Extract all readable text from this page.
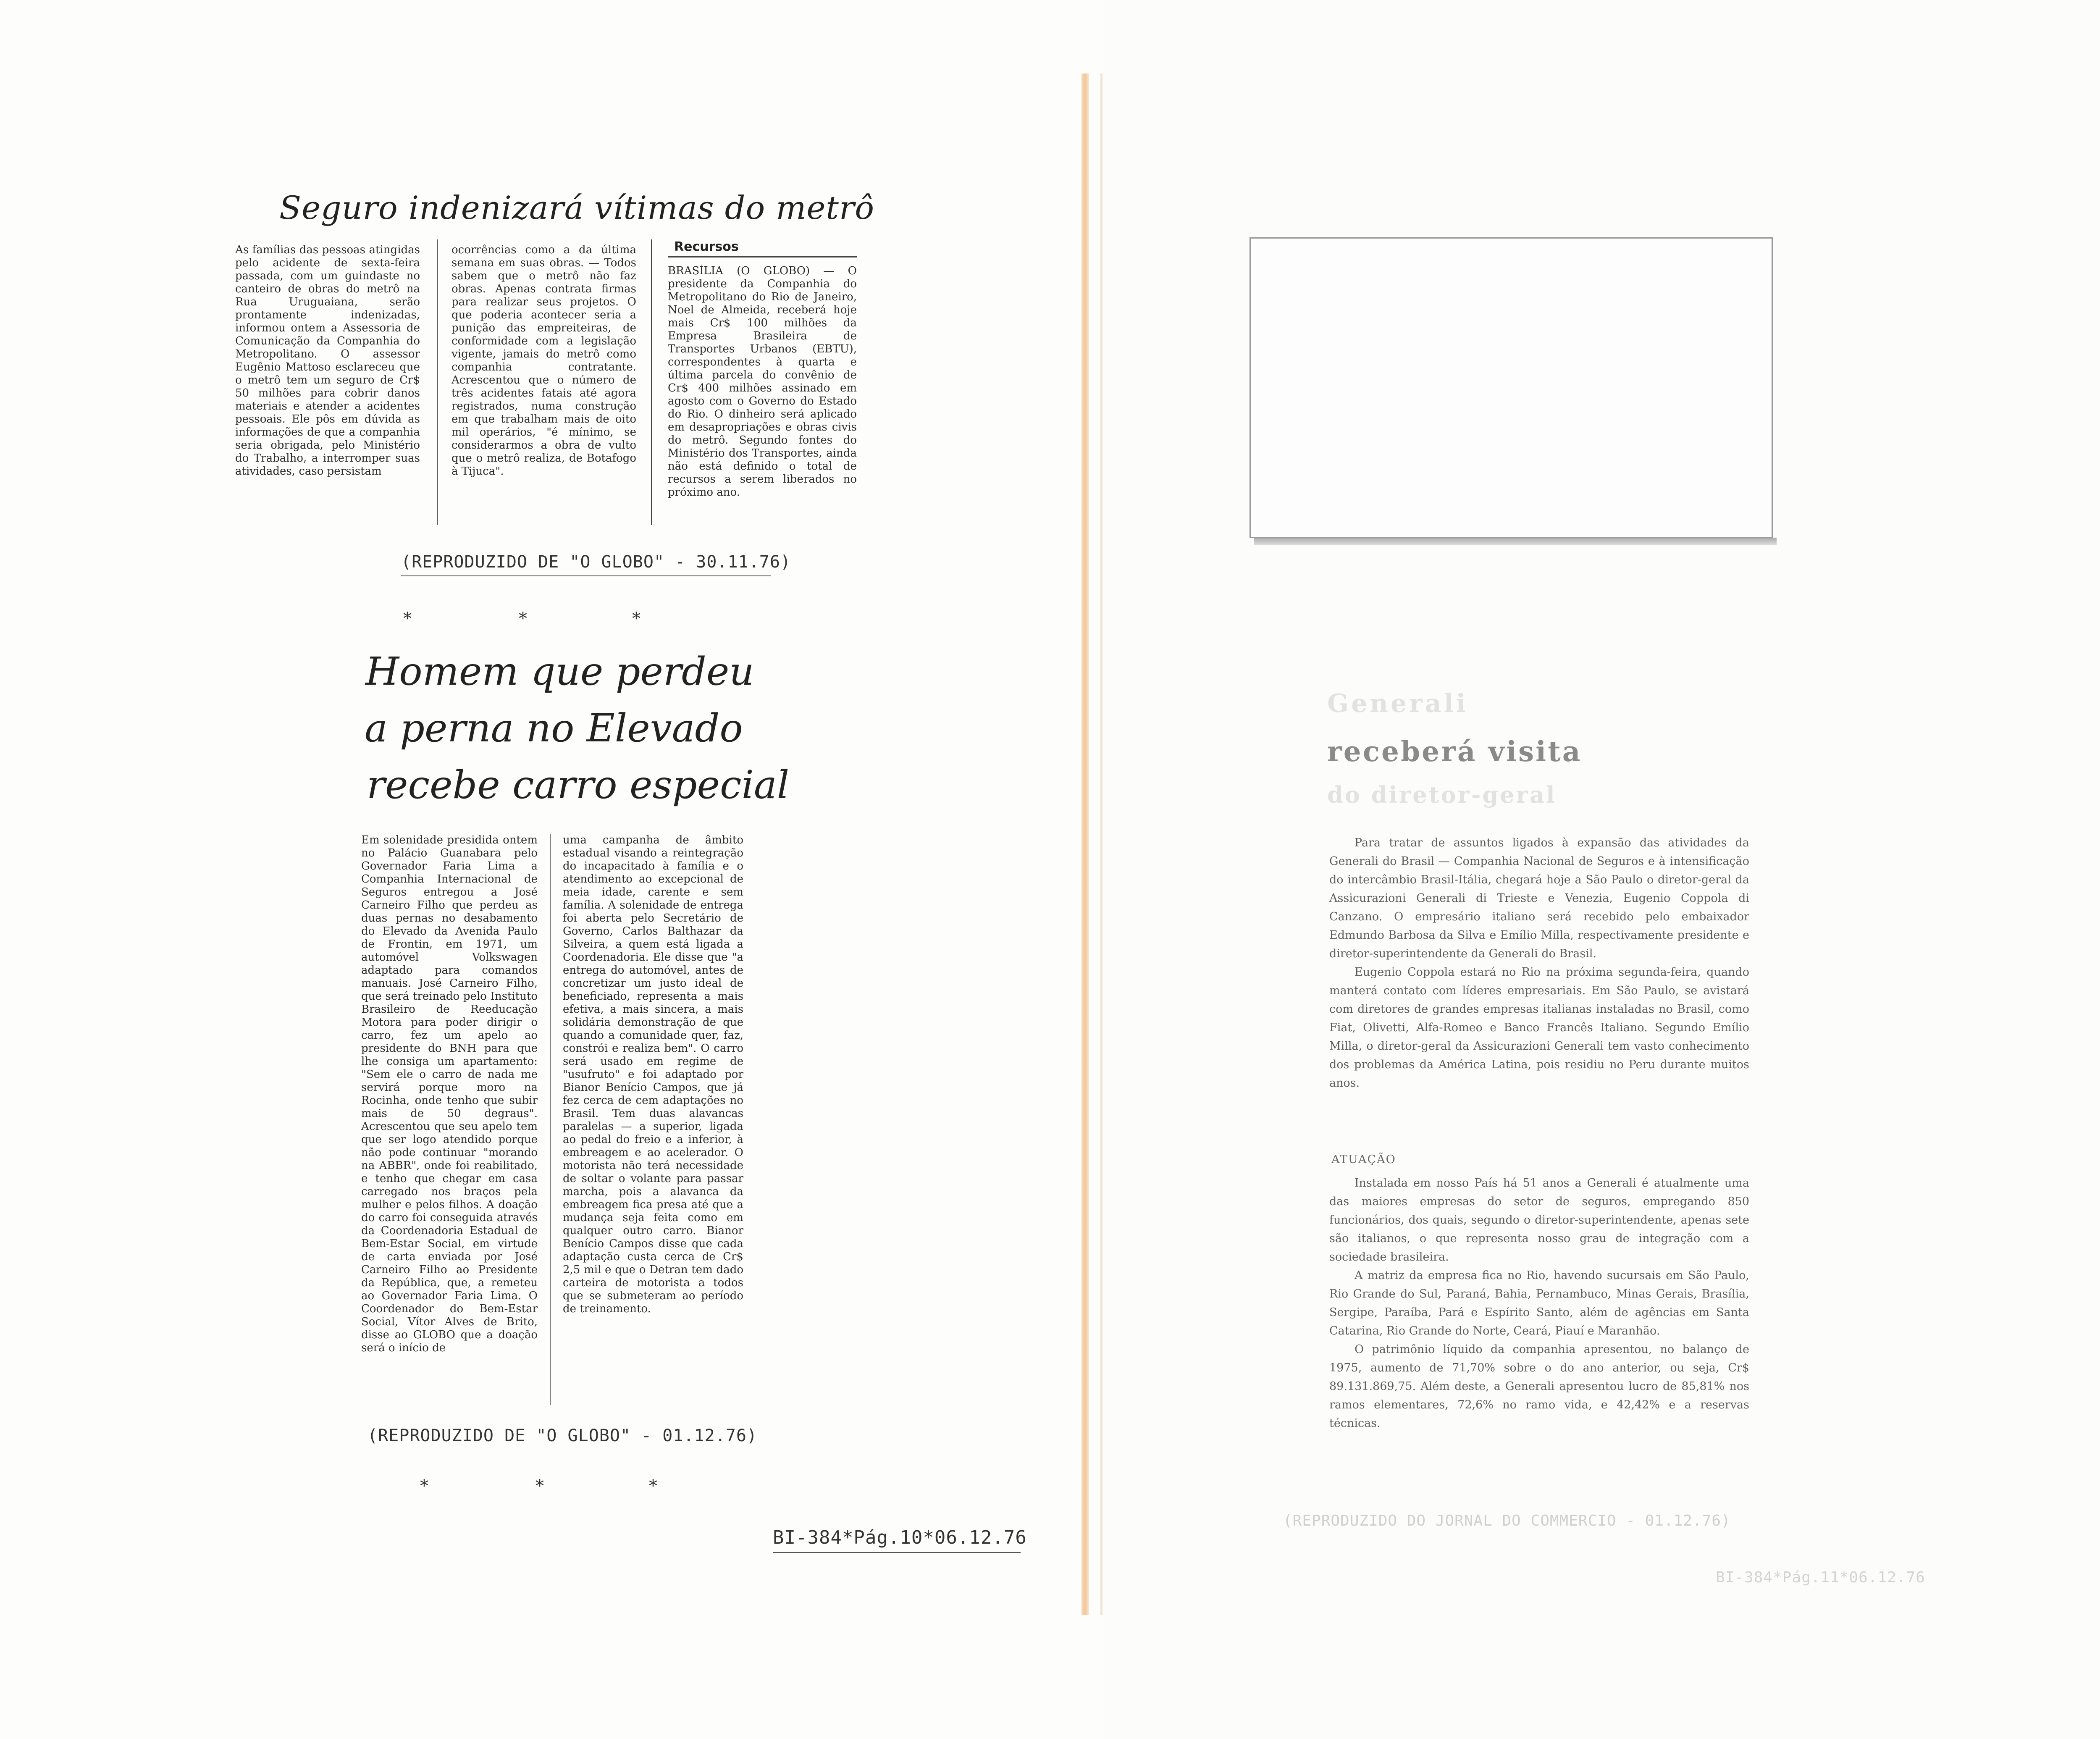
Seguro indenizará vítimas do metrô

As famílias das pessoas atingidas pelo acidente de sexta-feira passada, com um guindaste no canteiro de obras do metrô na Rua Uruguaiana, serão prontamente indenizadas, informou ontem a Assessoria de Comunicação da Companhia do Metropolitano. O assessor Eugênio Mattoso esclareceu que o metrô tem um seguro de Cr$ 50 milhões para cobrir danos materiais e atender a acidentes pessoais. Ele pôs em dúvida as informações de que a companhia seria obrigada, pelo Ministério do Trabalho, a interromper suas atividades, caso persistam

ocorrências como a da última semana em suas obras. — Todos sabem que o metrô não faz obras. Apenas contrata firmas para realizar seus projetos. O que poderia acontecer seria a punição das empreiteiras, de conformidade com a legislação vigente, jamais do metrô como companhia contratante. Acrescentou que o número de três acidentes fatais até agora registrados, numa construção em que trabalham mais de oito mil operários, "é mínimo, se considerarmos a obra de vulto que o metrô realiza, de Botafogo à Tijuca".

Recursos

BRASÍLIA (O GLOBO) — O presidente da Companhia do Metropolitano do Rio de Janeiro, Noel de Almeida, receberá hoje mais Cr$ 100 milhões da Empresa Brasileira de Transportes Urbanos (EBTU), correspondentes à quarta e última parcela do convênio de Cr$ 400 milhões assinado em agosto com o Governo do Estado do Rio. O dinheiro será aplicado em desapropriações e obras civis do metrô. Segundo fontes do Ministério dos Transportes, ainda não está definido o total de recursos a serem liberados no próximo ano.

(REPRODUZIDO DE "O GLOBO" - 30.11.76)
*	*	*
Homem que perdeu
a perna no Elevado
recebe carro especial

Em solenidade presidida ontem no Palácio Guanabara pelo Governador Faria Lima a Companhia Internacional de Seguros entregou a José Carneiro Filho que perdeu as duas pernas no desabamento do Elevado da Avenida Paulo de Frontin, em 1971, um automóvel Volkswagen adaptado para comandos manuais. José Carneiro Filho, que será treinado pelo Instituto Brasileiro de Reeducação Motora para poder dirigir o carro, fez um apelo ao presidente do BNH para que lhe consiga um apartamento: "Sem ele o carro de nada me servirá porque moro na Rocinha, onde tenho que subir mais de 50 degraus". Acrescentou que seu apelo tem que ser logo atendido porque não pode continuar "morando na ABBR", onde foi reabilitado, e tenho que chegar em casa carregado nos braços pela mulher e pelos filhos. A doação do carro foi conseguida através da Coordenadoria Estadual de Bem-Estar Social, em virtude de carta enviada por José Carneiro Filho ao Presidente da República, que, a remeteu ao Governador Faria Lima. O Coordenador do Bem-Estar Social, Vítor Alves de Brito, disse ao GLOBO que a doação será o início de

uma campanha de âmbito estadual visando a reintegração do incapacitado à família e o atendimento ao excepcional de meia idade, carente e sem família. A solenidade de entrega foi aberta pelo Secretário de Governo, Carlos Balthazar da Silveira, a quem está ligada a Coordenadoria. Ele disse que "a entrega do automóvel, antes de concretizar um justo ideal de beneficiado, representa a mais efetiva, a mais sincera, a mais solidária demonstração de que quando a comunidade quer, faz, constrói e realiza bem". O carro será usado em regime de "usufruto" e foi adaptado por Bianor Benício Campos, que já fez cerca de cem adaptações no Brasil. Tem duas alavancas paralelas — a superior, ligada ao pedal do freio e a inferior, à embreagem e ao acelerador. O motorista não terá necessidade de soltar o volante para passar marcha, pois a alavanca da embreagem fica presa até que a mudança seja feita como em qualquer outro carro. Bianor Benício Campos disse que cada adaptação custa cerca de Cr$ 2,5 mil e que o Detran tem dado carteira de motorista a todos que se submeteram ao período de treinamento.

(REPRODUZIDO DE "O GLOBO" - 01.12.76)
*	*	*
BI-384*Pág.10*06.12.76
Generali
receberá visita
do diretor-geral

Para tratar de assuntos ligados à expansão das atividades da Generali do Brasil — Companhia Nacional de Seguros e à intensificação do intercâmbio Brasil-Itália, chegará hoje a São Paulo o diretor-geral da Assicurazioni Generali di Trieste e Venezia, Eugenio Coppola di Canzano. O empresário italiano será recebido pelo embaixador Edmundo Barbosa da Silva e Emílio Milla, respectivamente presidente e diretor-superintendente da Generali do Brasil.

Eugenio Coppola estará no Rio na próxima segunda-feira, quando manterá contato com líderes empresariais. Em São Paulo, se avistará com diretores de grandes empresas italianas instaladas no Brasil, como Fiat, Olivetti, Alfa-Romeo e Banco Francês Italiano. Segundo Emílio Milla, o diretor-geral da Assicurazioni Generali tem vasto conhecimento dos problemas da América Latina, pois residiu no Peru durante muitos anos.

ATUAÇÃO

Instalada em nosso País há 51 anos a Generali é atualmente uma das maiores empresas do setor de seguros, empregando 850 funcionários, dos quais, segundo o diretor-superintendente, apenas sete são italianos, o que representa nosso grau de integração com a sociedade brasileira.

A matriz da empresa fica no Rio, havendo sucursais em São Paulo, Rio Grande do Sul, Paraná, Bahia, Pernambuco, Minas Gerais, Brasília, Sergipe, Paraíba, Pará e Espírito Santo, além de agências em Santa Catarina, Rio Grande do Norte, Ceará, Piauí e Maranhão.

O patrimônio líquido da companhia apresentou, no balanço de 1975, aumento de 71,70% sobre o do ano anterior, ou seja, Cr$ 89.131.869,75. Além deste, a Generali apresentou lucro de 85,81% nos ramos elementares, 72,6% no ramo vida, e 42,42% e a reservas técnicas.

(REPRODUZIDO DO JORNAL DO COMMERCIO - 01.12.76)
BI-384*Pág.11*06.12.76
